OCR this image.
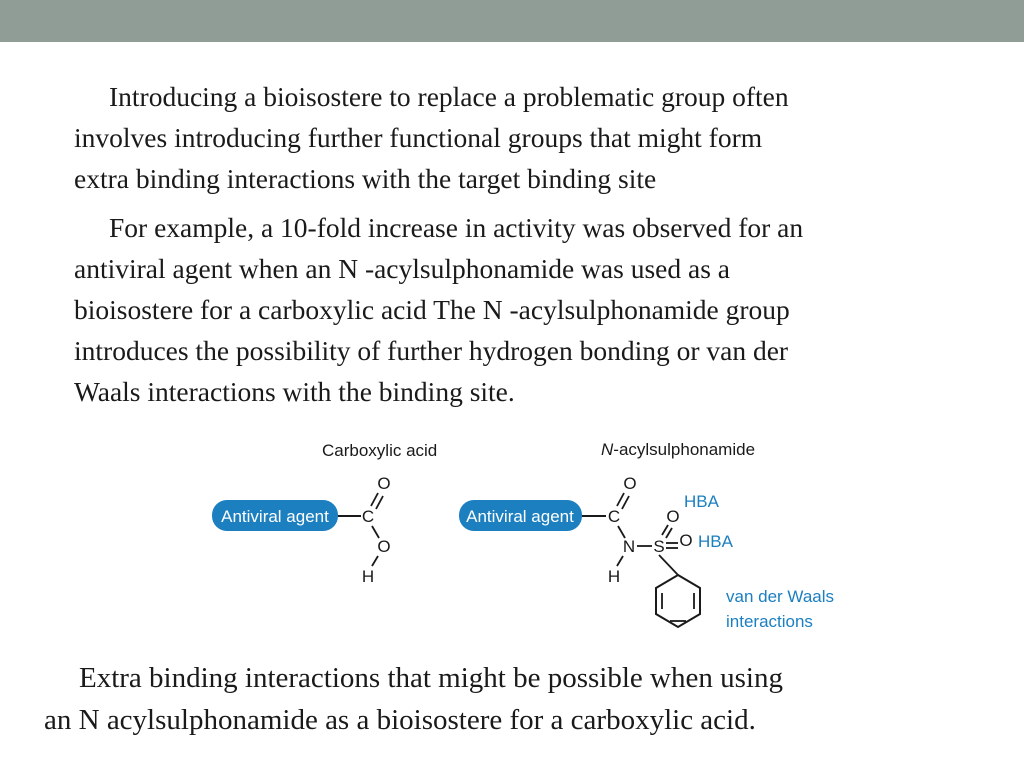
Introducing a bioisostere to replace a problematic group often
involves introducing further functional groups that might form
extra binding interactions with the target binding site
For example, a 10-fold increase in activity was observed for an
antiviral agent when an N -acylsulphonamide was used as a
bioisostere for a carboxylic acid The N -acylsulphonamide group
introduces the possibility of further hydrogen bonding or van der
Waals interactions with the binding site.
Carboxylic acid
Antiviral agent C
O
O
H
N-acylsulphonamide
Antiviral agent C
O
N
H
S
O
O
HBA
HBA
van der Waals
interactions
Extra binding interactions that might be possible when using
an N acylsulphonamide as a bioisostere for a carboxylic acid.
